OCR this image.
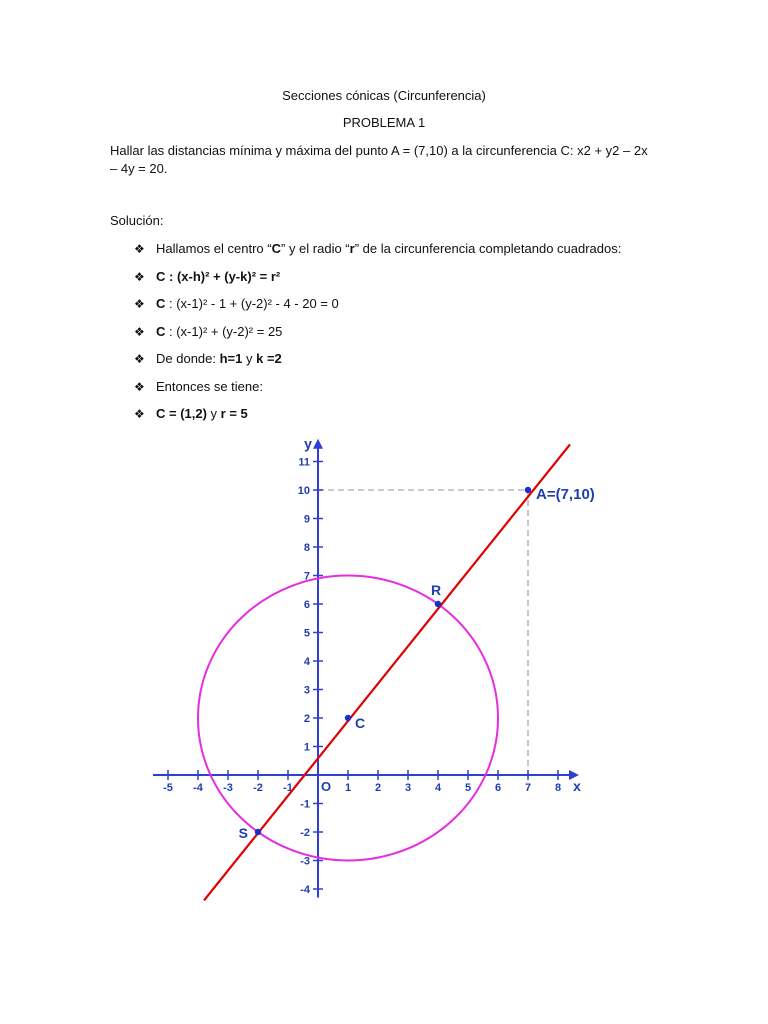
Secciones cónicas (Circunferencia)
PROBLEMA 1
Hallar las distancias mínima y máxima del punto A = (7,10) a la circunferencia C: x2 + y2 – 2x – 4y = 20.
Solución:
❖ Hallamos el centro “C” y el radio “r” de la circunferencia completando cuadrados:
❖ C : (x-h)² + (y-k)² = r²
❖ C : (x-1)² - 1 + (y-2)² - 4 - 20 = 0
❖ C : (x-1)² + (y-2)² = 25
❖ De donde: h=1 y k =2
❖ Entonces se tiene:
❖ C = (1,2) y r = 5
-5 -4 -3 -2 -1	1 2 3 4 5 6 7 8
-4
-3
-2
-1
1
2
3
4
5
6
7
8
9
10
11
x
y
O
A=(7,10)
R
C
S
